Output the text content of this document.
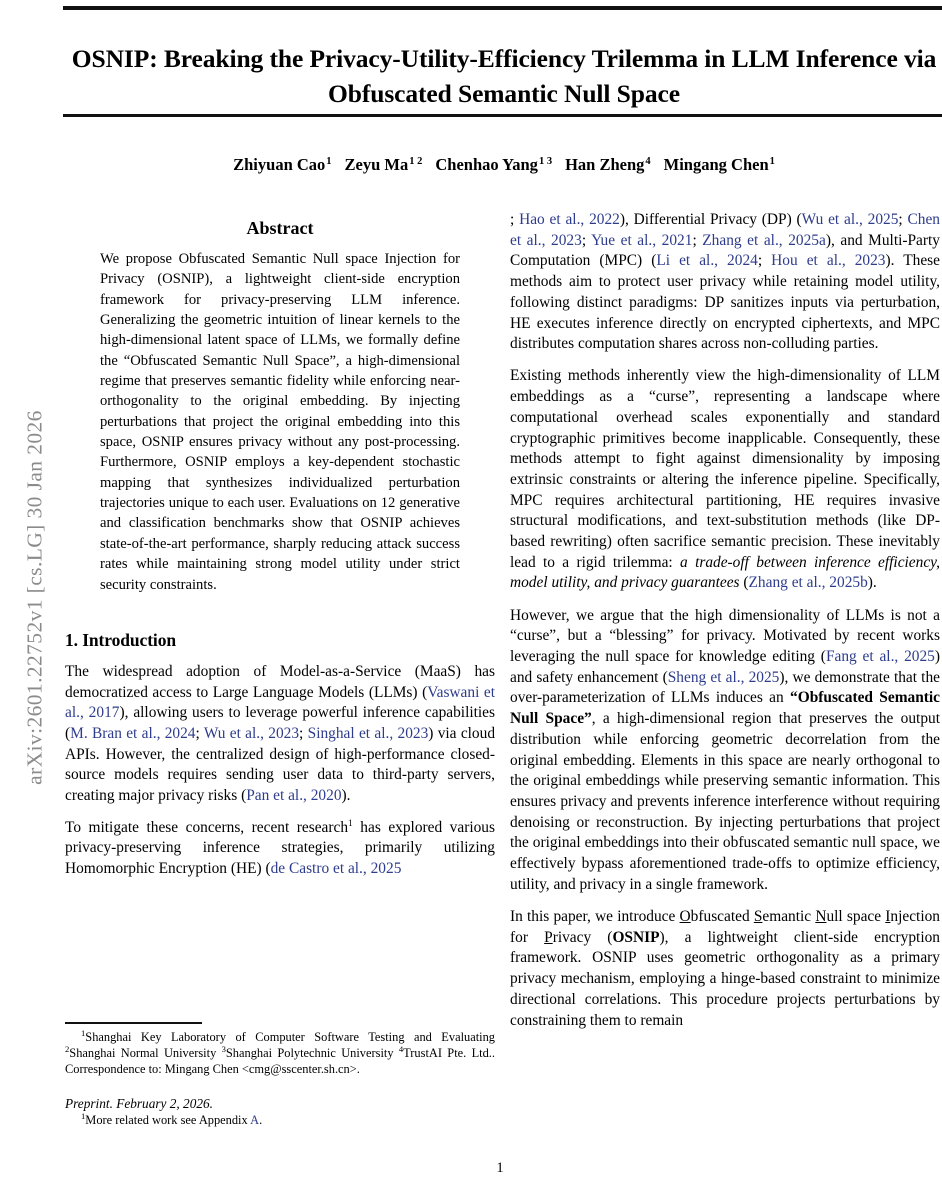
arXiv:2601.22752v1 [cs.LG] 30 Jan 2026
OSNIP: Breaking the Privacy-Utility-Efficiency Trilemma in LLM Inference via Obfuscated Semantic Null Space
Zhiyuan Cao$^1$ Zeyu $Ma^{1 2}$ Chenhao Yang$^{1 3}$ Han Zheng$^4$ Mingang Chen$^1$
Abstract
We propose Obfuscated Semantic Null space Injection for Privacy (OSNIP), a lightweight client-side encryption framework for privacy-preserving LLM inference. Generalizing the geometric intuition of linear kernels to the high-dimensional latent space of LLMs, we formally define the “Obfuscated Semantic Null Space”, a high-dimensional regime that preserves semantic fidelity while enforcing near-orthogonality to the original embedding. By injecting perturbations that project the original embedding into this space, OSNIP ensures privacy without any post-processing. Furthermore, OSNIP employs a key-dependent stochastic mapping that synthesizes individualized perturbation trajectories unique to each user. Evaluations on 12 generative and classification benchmarks show that OSNIP achieves state-of-the-art performance, sharply reducing attack success rates while maintaining strong model utility under strict security constraints.
1. Introduction

The widespread adoption of Model-as-a-Service (MaaS) has democratized access to Large Language Models (LLMs) (Vaswani et al., 2017), allowing users to leverage powerful inference capabilities (M. Bran et al., 2024; Wu et al., 2023; Singhal et al., 2023) via cloud APIs. However, the centralized design of high-performance closed-source models requires sending user data to third-party servers, creating major privacy risks (Pan et al., 2020).

To mitigate these concerns, recent research$^1$ has explored various privacy-preserving inference strategies, primarily utilizing Homomorphic Encryption (HE) (de Castro et al., 2025

; Hao et al., 2022), Differential Privacy (DP) (Wu et al., 2025; Chen et al., 2023; Yue et al., 2021; Zhang et al., 2025a), and Multi-Party Computation (MPC) (Li et al., 2024; Hou et al., 2023). These methods aim to protect user privacy while retaining model utility, following distinct paradigms: DP sanitizes inputs via perturbation, HE executes inference directly on encrypted ciphertexts, and MPC distributes computation shares across non-colluding parties.

Existing methods inherently view the high-dimensionality of LLM embeddings as a “curse”, representing a landscape where computational overhead scales exponentially and standard cryptographic primitives become inapplicable. Consequently, these methods attempt to fight against dimensionality by imposing extrinsic constraints or altering the inference pipeline. Specifically, MPC requires architectural partitioning, HE requires invasive structural modifications, and text-substitution methods (like DP-based rewriting) often sacrifice semantic precision. These inevitably lead to a rigid trilemma: a trade-off between inference efficiency, model utility, and privacy guarantees (Zhang et al., 2025b).

However, we argue that the high dimensionality of LLMs is not a “curse”, but a “blessing” for privacy. Motivated by recent works leveraging the null space for knowledge editing (Fang et al., 2025) and safety enhancement (Sheng et al., 2025), we demonstrate that the over-parameterization of LLMs induces an “Obfuscated Semantic Null Space”, a high-dimensional region that preserves the output distribution while enforcing geometric decorrelation from the original embedding. Elements in this space are nearly orthogonal to the original embeddings while preserving semantic information. This ensures privacy and prevents inference interference without requiring denoising or reconstruction. By injecting perturbations that project the original embeddings into their obfuscated semantic null space, we effectively bypass aforementioned trade-offs to optimize efficiency, utility, and privacy in a single framework.

In this paper, we introduce Obfuscated Semantic Null space Injection for Privacy (OSNIP), a lightweight client-side encryption framework. OSNIP uses geometric orthogonality as a primary privacy mechanism, employing a hinge-based constraint to minimize directional correlations. This procedure projects perturbations by constraining them to remain

$^1$Shanghai Key Laboratory of Computer Software Testing and Evaluating $^2$Shanghai Normal University $^3$Shanghai Polytechnic University $^4$TrustAI Pte. Ltd.. Correspondence to: Mingang Chen <cmg@sscenter.sh.cn>.

Preprint. February 2, 2026.

$^1$More related work see Appendix A.

1
